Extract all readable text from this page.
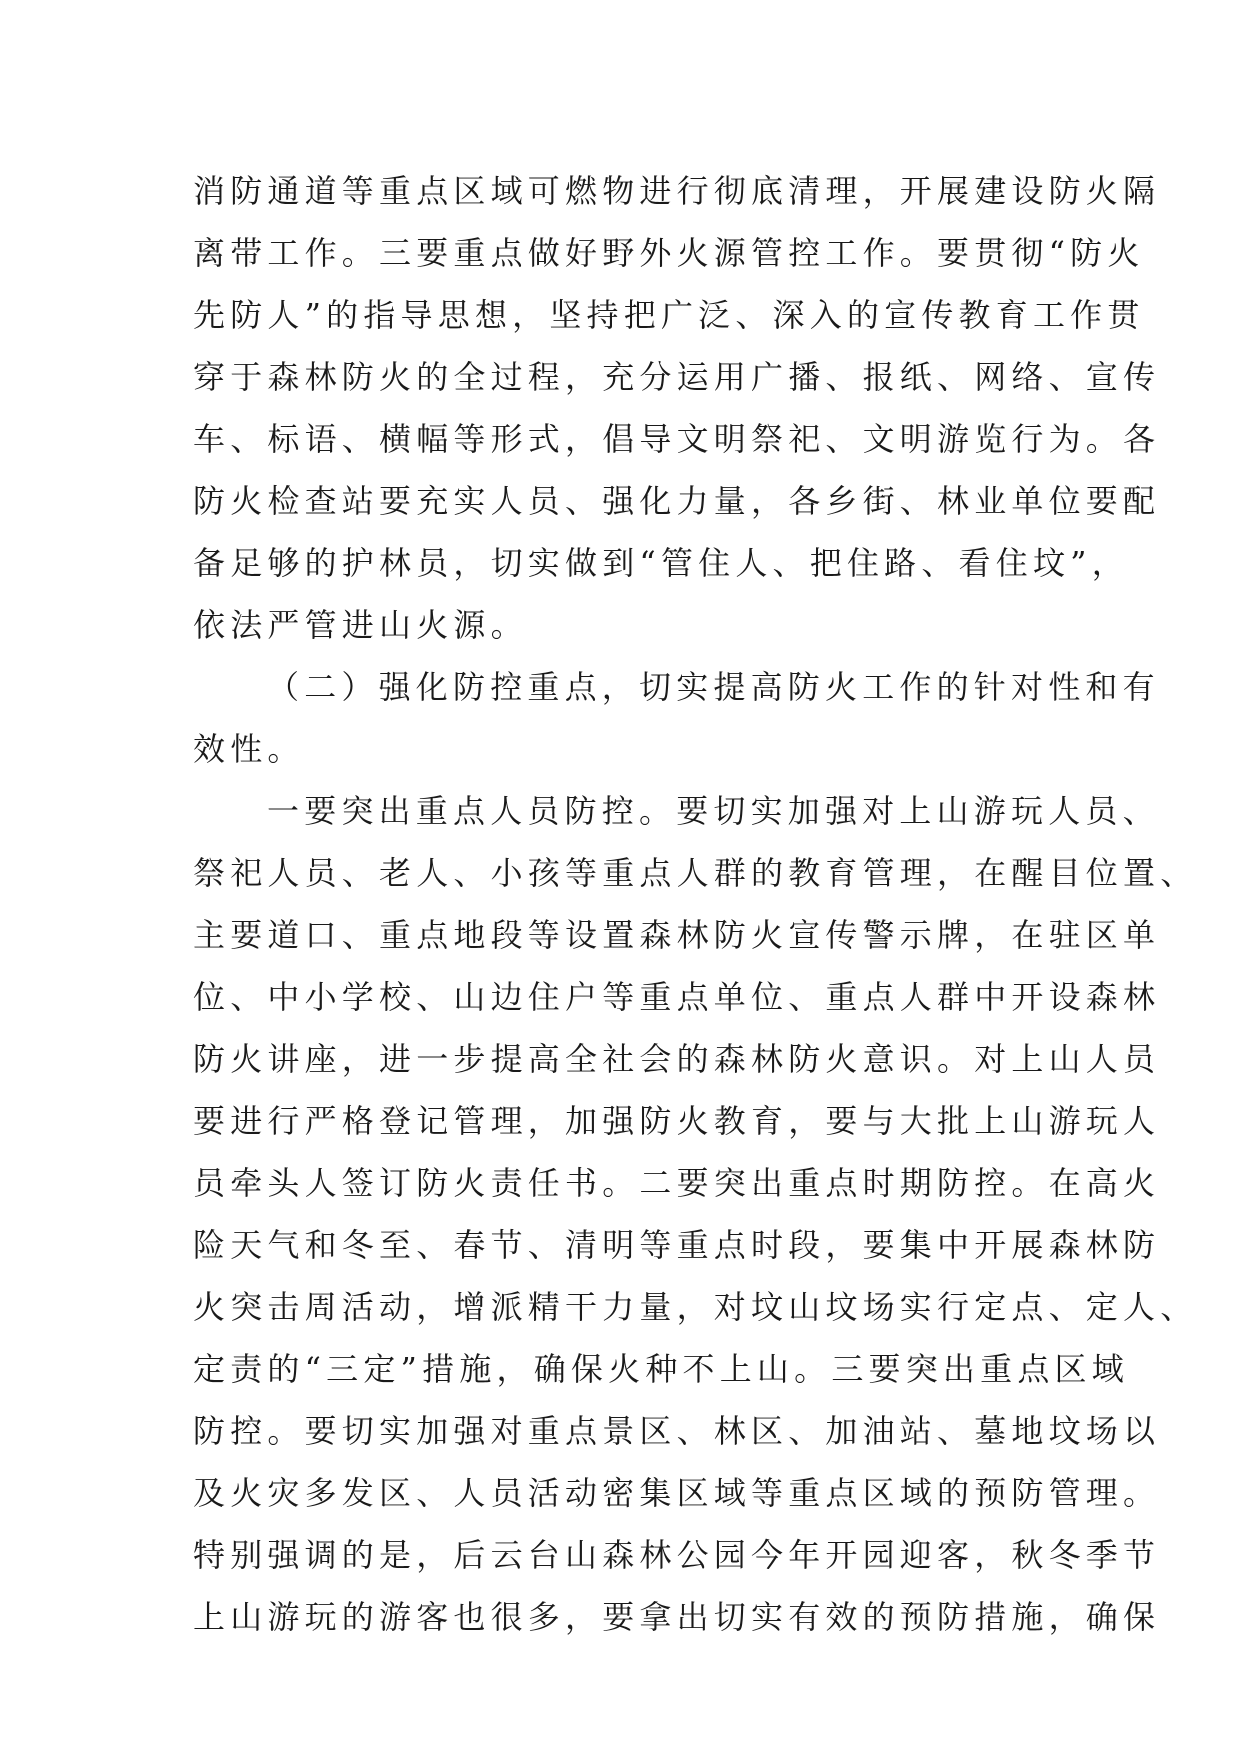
消防通道等重点区域可燃物进行彻底清理，开展建设防火隔
离带工作。三要重点做好野外火源管控工作。要贯彻“防火
先防人”的指导思想，坚持把广泛、深入的宣传教育工作贯
穿于森林防火的全过程，充分运用广播、报纸、网络、宣传
车、标语、横幅等形式，倡导文明祭祀、文明游览行为。各
防火检查站要充实人员、强化力量，各乡街、林业单位要配
备足够的护林员，切实做到“管住人、把住路、看住坟”，
依法严管进山火源。
（二）强化防控重点，切实提高防火工作的针对性和有
效性。
一要突出重点人员防控。要切实加强对上山游玩人员、
祭祀人员、老人、小孩等重点人群的教育管理，在醒目位置、
主要道口、重点地段等设置森林防火宣传警示牌，在驻区单
位、中小学校、山边住户等重点单位、重点人群中开设森林
防火讲座，进一步提高全社会的森林防火意识。对上山人员
要进行严格登记管理，加强防火教育，要与大批上山游玩人
员牵头人签订防火责任书。二要突出重点时期防控。在高火
险天气和冬至、春节、清明等重点时段，要集中开展森林防
火突击周活动，增派精干力量，对坟山坟场实行定点、定人、
定责的“三定”措施，确保火种不上山。三要突出重点区域
防控。要切实加强对重点景区、林区、加油站、墓地坟场以
及火灾多发区、人员活动密集区域等重点区域的预防管理。
特别强调的是，后云台山森林公园今年开园迎客，秋冬季节
上山游玩的游客也很多，要拿出切实有效的预防措施，确保
